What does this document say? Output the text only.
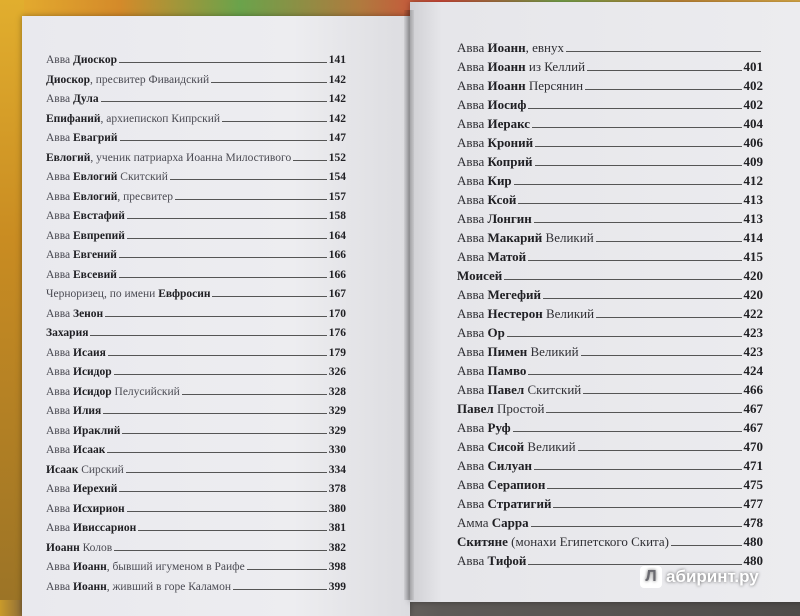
Авва Диоскор	141
Диоскор, пресвитер Фиваидский	142
Авва Дула	142
Епифаний, архиепископ Кипрский	142
Авва Евагрий	147
Евлогий, ученик патриарха Иоанна Милостивого	152
Авва Евлогий Скитский	154
Авва Евлогий, пресвитер	157
Авва Евстафий	158
Авва Евпрепий	164
Авва Евгений	166
Авва Евсевий	166
Черноризец, по имени Евфросин	167
Авва Зенон	170
Захария	176
Авва Исаия	179
Авва Исидор	326
Авва Исидор Пелусийский	328
Авва Илия	329
Авва Ираклий	329
Авва Исаак	330
Исаак Сирский	334
Авва Иерехий	378
Авва Исхирион	380
Авва Ивиссарион	381
Иоанн Колов	382
Авва Иоанн, бывший игуменом в Раифе	398
Авва Иоанн, живший в горе Каламон	399
Авва Иоанн, евнух
Авва Иоанн из Келлий	401
Авва Иоанн Персянин	402
Авва Иосиф	402
Авва Иеракс	404
Авва Кроний	406
Авва Коприй	409
Авва Кир	412
Авва Ксой	413
Авва Лонгин	413
Авва Макарий Великий	414
Авва Матой	415
Моисей	420
Авва Мегефий	420
Авва Нестерон Великий	422
Авва Ор	423
Авва Пимен Великий	423
Авва Памво	424
Авва Павел Скитский	466
Павел Простой	467
Авва Руф	467
Авва Сисой Великий	470
Авва Силуан	471
Авва Серапион	475
Авва Стратигий	477
Амма Сарра	478
Скитяне (монахи Египетского Скита)	480
Авва Тифой	480
Л абиринт.ру
